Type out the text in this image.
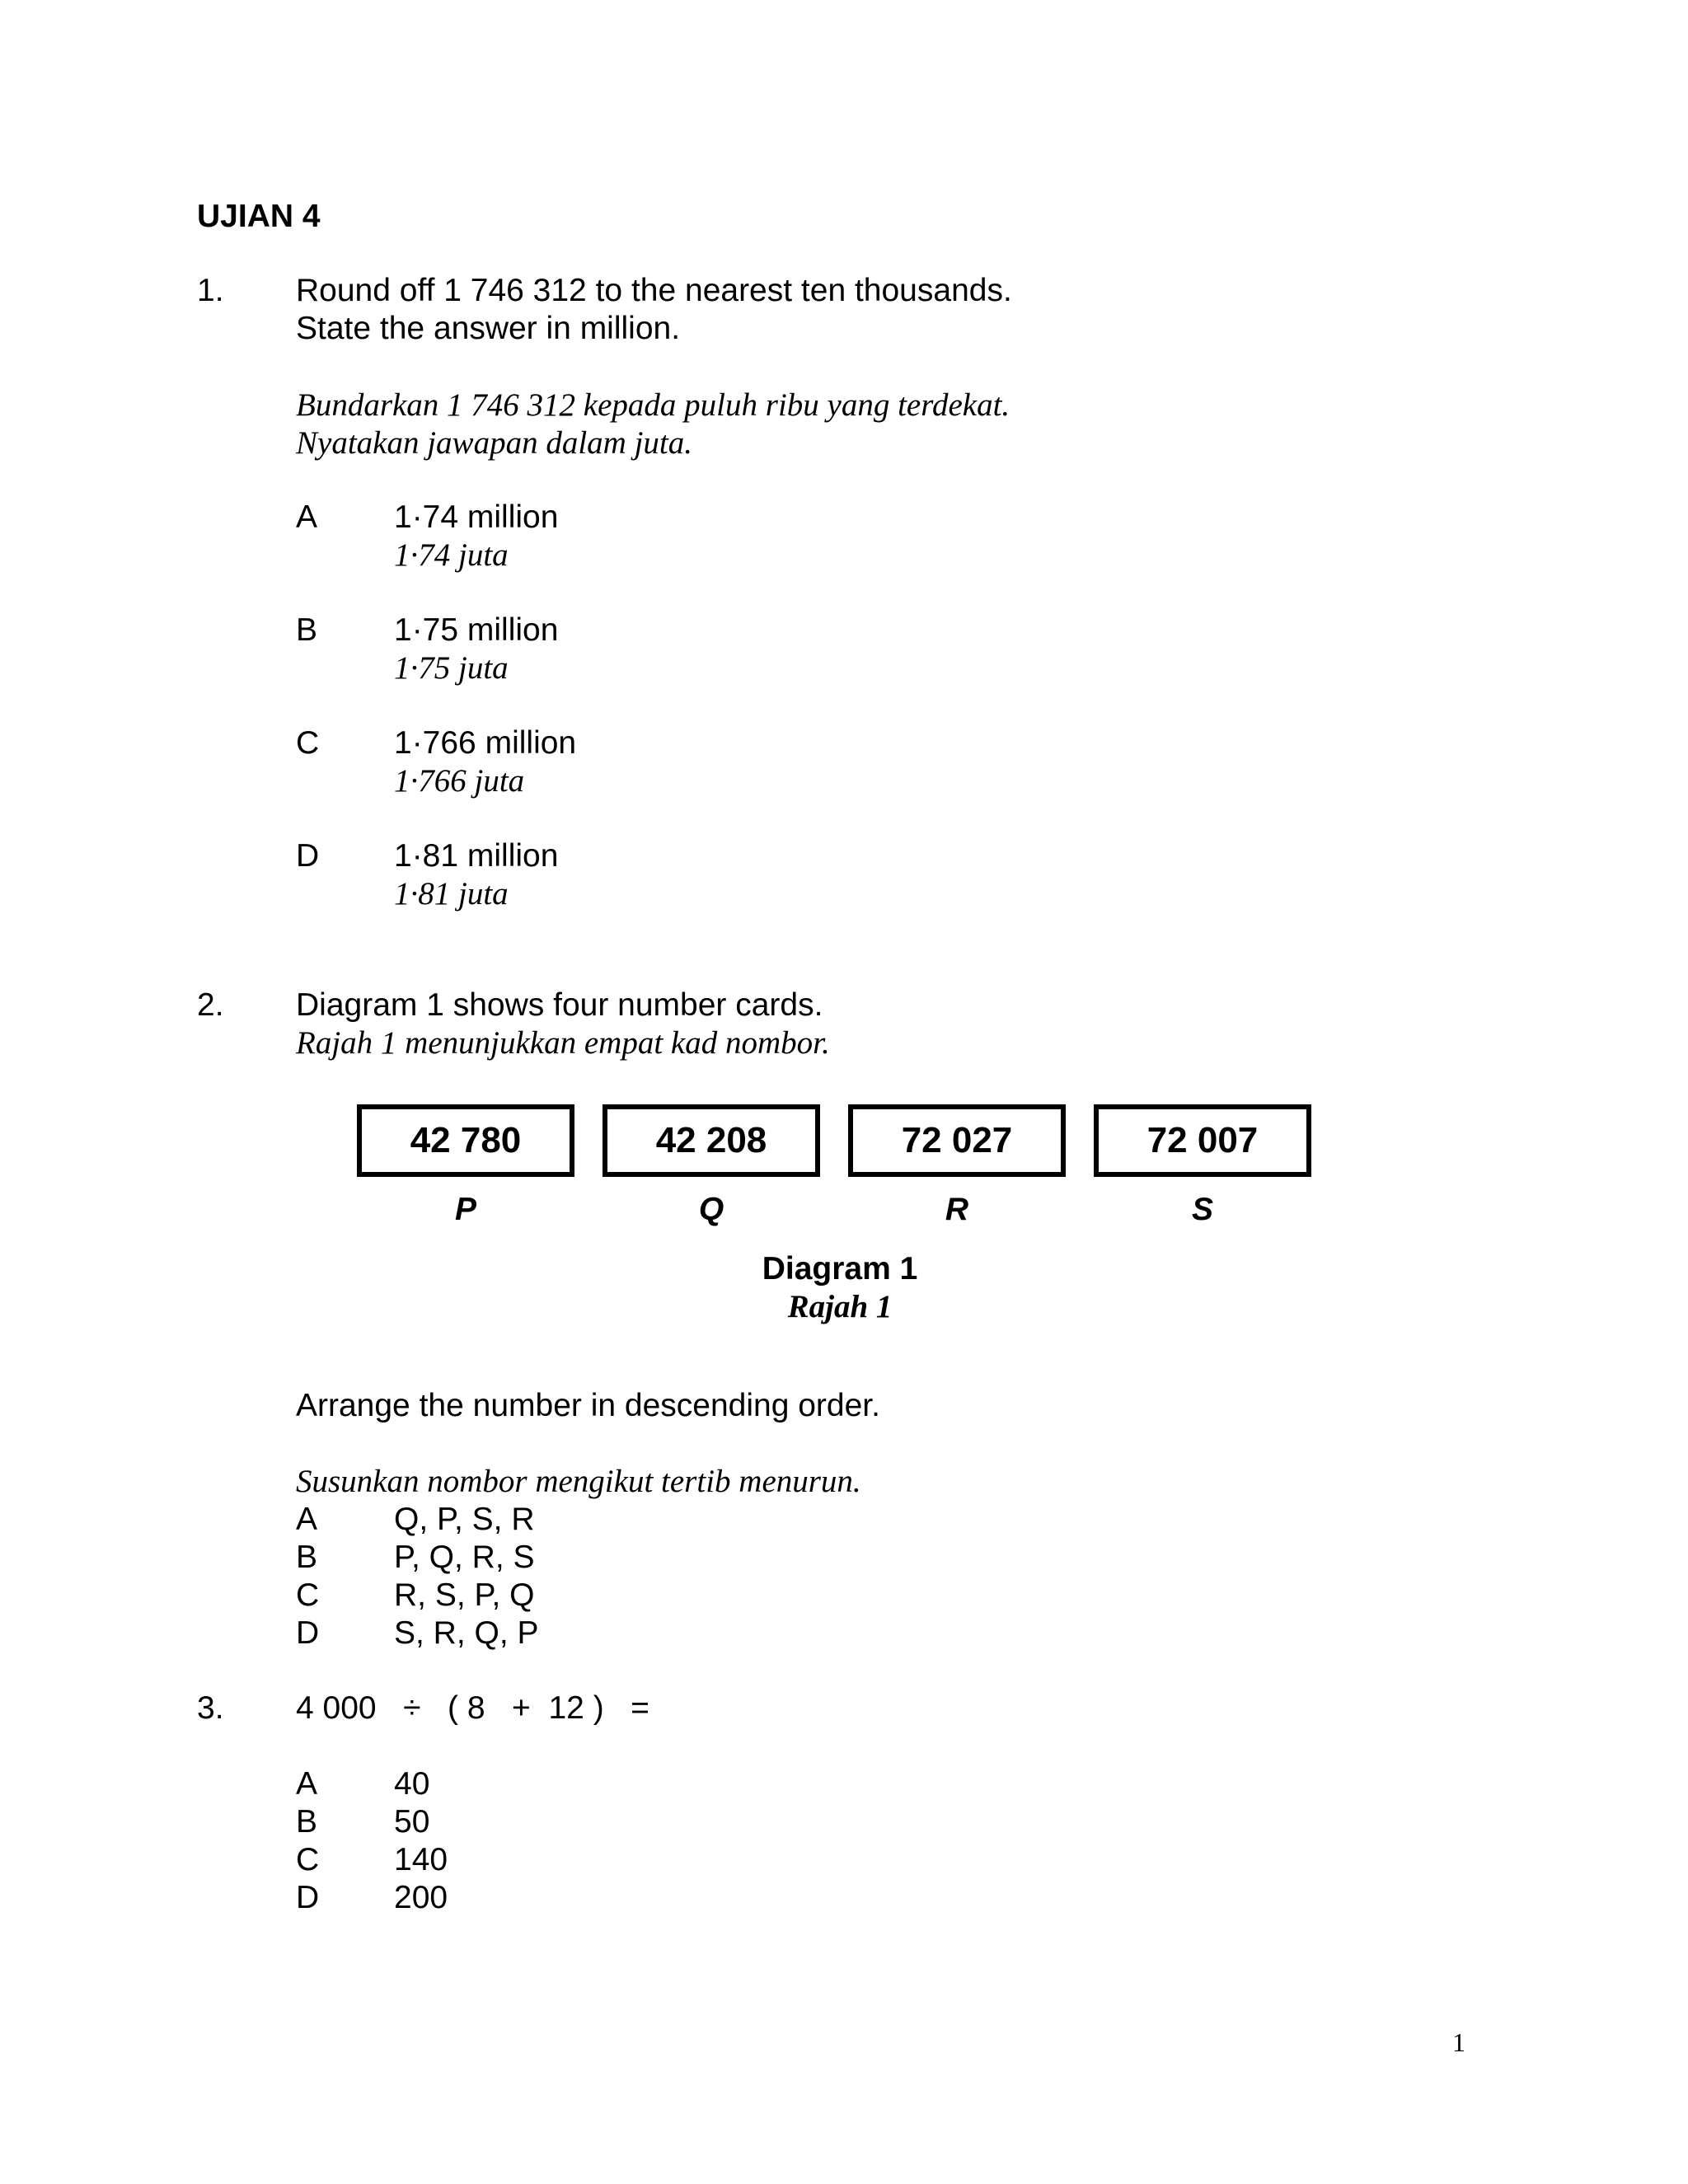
UJIAN 4
1. Round off 1 746 312 to the nearest ten thousands.
State the answer in million.
Bundarkan 1 746 312 kepada puluh ribu yang terdekat.
Nyatakan jawapan dalam juta.
A 1·74 million
1·74 juta
B 1·75 million
1·75 juta
C 1·766 million
1·766 juta
D 1·81 million
1·81 juta
2. Diagram 1 shows four number cards.
Rajah 1 menunjukkan empat kad nombor.
42 780	42 208	72 027	72 007
P	Q	R	S
Diagram 1
Rajah 1
Arrange the number in descending order.
Susunkan nombor mengikut tertib menurun.
A Q, P, S, R
B P, Q, R, S
C R, S, P, Q
D S, R, Q, P
3. 4 000   ÷   ( 8   +  12 )   =
A 40
B 50
C 140
D 200
1
